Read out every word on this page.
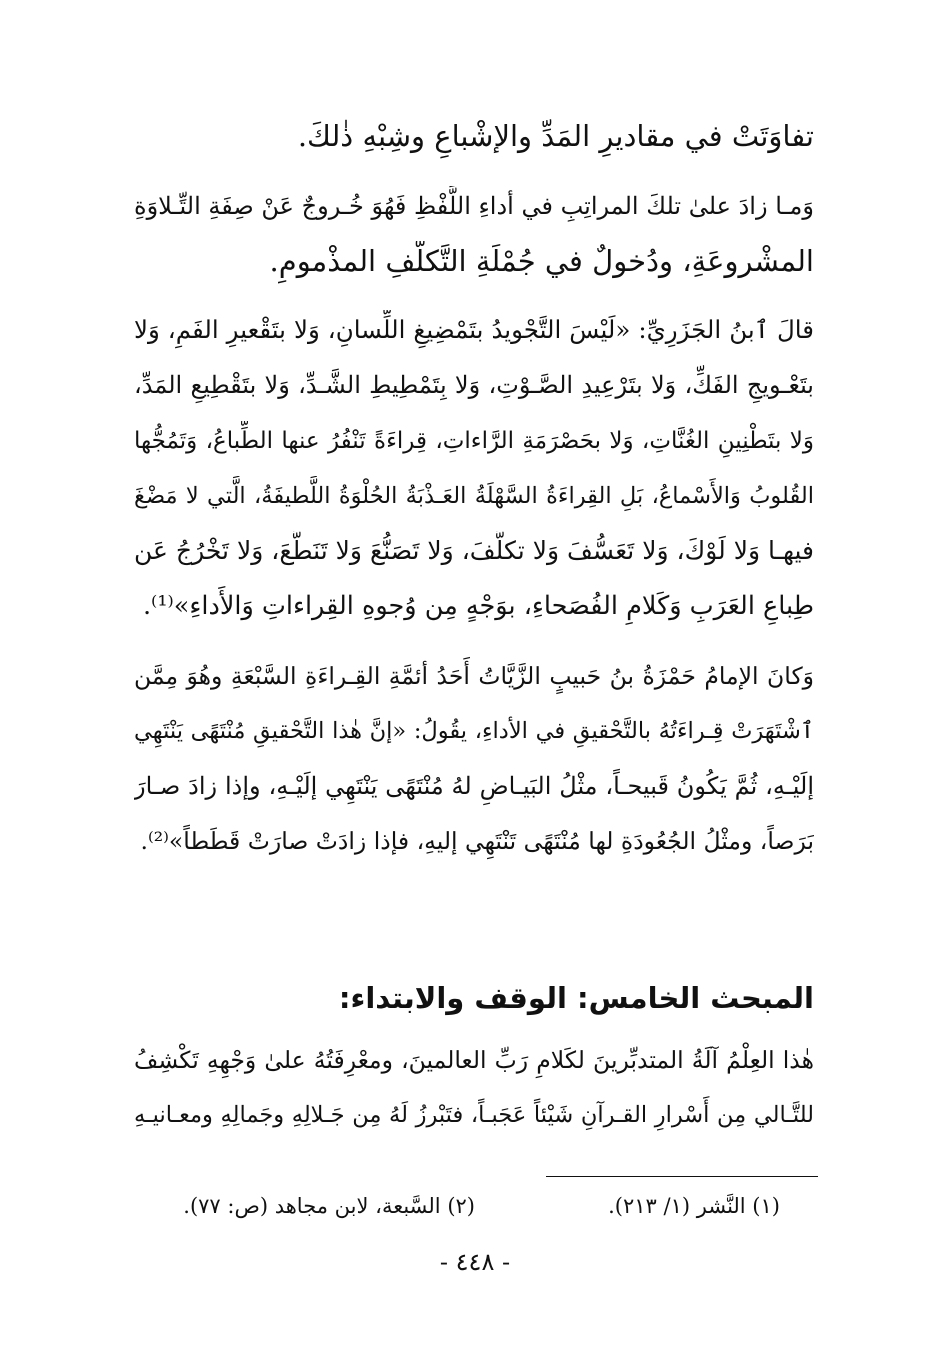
تفاوَتَتْ في مقاديرِ المَدِّ والإشْباعِ وشِبْهِ ذٰلكَ.
وَمـا زادَ علىٰ تلكَ المراتِبِ في أداءِ اللَّفْظِ فَهُوَ خُـروجٌ عَنْ صِفَةِ التِّـلاوَةِ
المشْروعَةِ، ودُخولٌ في جُمْلَةِ التَّكلُّفِ المذْمومِ.
قالَ ٱبنُ الجَزَرِيِّ: «لَيْسَ التَّجْويدُ بتَمْضِيغِ اللِّسانِ، وَلا بتَقْعيرِ الفَمِ، وَلا
بتَعْـويجِ الفَكِّ، وَلا بتَرْعِيدِ الصَّـوْتِ، وَلا بِتَمْطِيطِ الشَّـدِّ، وَلا بتَقْطِيعِ المَدِّ،
وَلا بتَطْنِينِ الغُنَّاتِ، وَلا بحَصْرَمَةِ الرَّاءاتِ، قِراءَةً تَنْفُرُ عنها الطِّباعُ، وَتَمُجُّها
القُلوبُ وَالأَسْماعُ، بَلِ القِراءَةُ السَّهْلَةُ العَـذْبَةُ الحُلْوَةُ اللَّطيفَةُ، الَّتي لا مَضْغَ
فيهـا وَلا لَوْكَ، وَلا تَعَسُّفَ وَلا تكلُّفَ، وَلا تَصَنُّعَ وَلا تَنَطُّعَ، وَلا تَخْرُجُ عَن
طِباعِ العَرَبِ وَكَلامِ الفُصَحاءِ، بوَجْهٍ مِن وُجوهِ القِراءاتِ وَالأَداءِ»⁽¹⁾.
وَكانَ الإمامُ حَمْزَةُ بنُ حَبيبٍ الزَّيَّاتُ أَحَدُ أئمَّةِ القِـراءَةِ السَّبْعَةِ وهُوَ مِمَّن
ٱشْتَهَرَتْ قِـراءَتُهُ بالتَّحْقيقِ في الأداءِ، يقُولُ: «إنَّ هٰذا التَّحْقيقِ مُنْتَهًى يَنْتَهِي
إلَيْـهِ، ثُمَّ يَكُونُ قَبيحـاً، مثْلُ البَيـاضِ لهُ مُنْتَهًى يَنْتَهِي إلَيْـهِ، وإذا زادَ صـارَ
بَرَصاً، ومثْلُ الجُعُودَةِ لها مُنْتَهًى تَنْتَهِي إليهِ، فإذا زادَتْ صارَتْ قَطَطاً»⁽²⁾.
المبحث الخامس: الوقف والابتداء:
هٰذا العِلْمُ آلَةُ المتدبِّرينَ لكَلامِ رَبِّ العالمينَ، ومعْرِفَتُهُ علىٰ وَجْهِهِ تَكْشِفُ
للتَّـالي مِن أَسْرارِ القـرآنِ شَيْئاً عَجَبـاً، فتَبْرزُ لَهُ مِن جَـلالِهِ وجَمالِهِ ومعـانيـهِ
(١) النَّشر (١/ ٢١٣).
(٢) السَّبعة، لابن مجاهد (ص: ٧٧).
- ٤٤٨ -
